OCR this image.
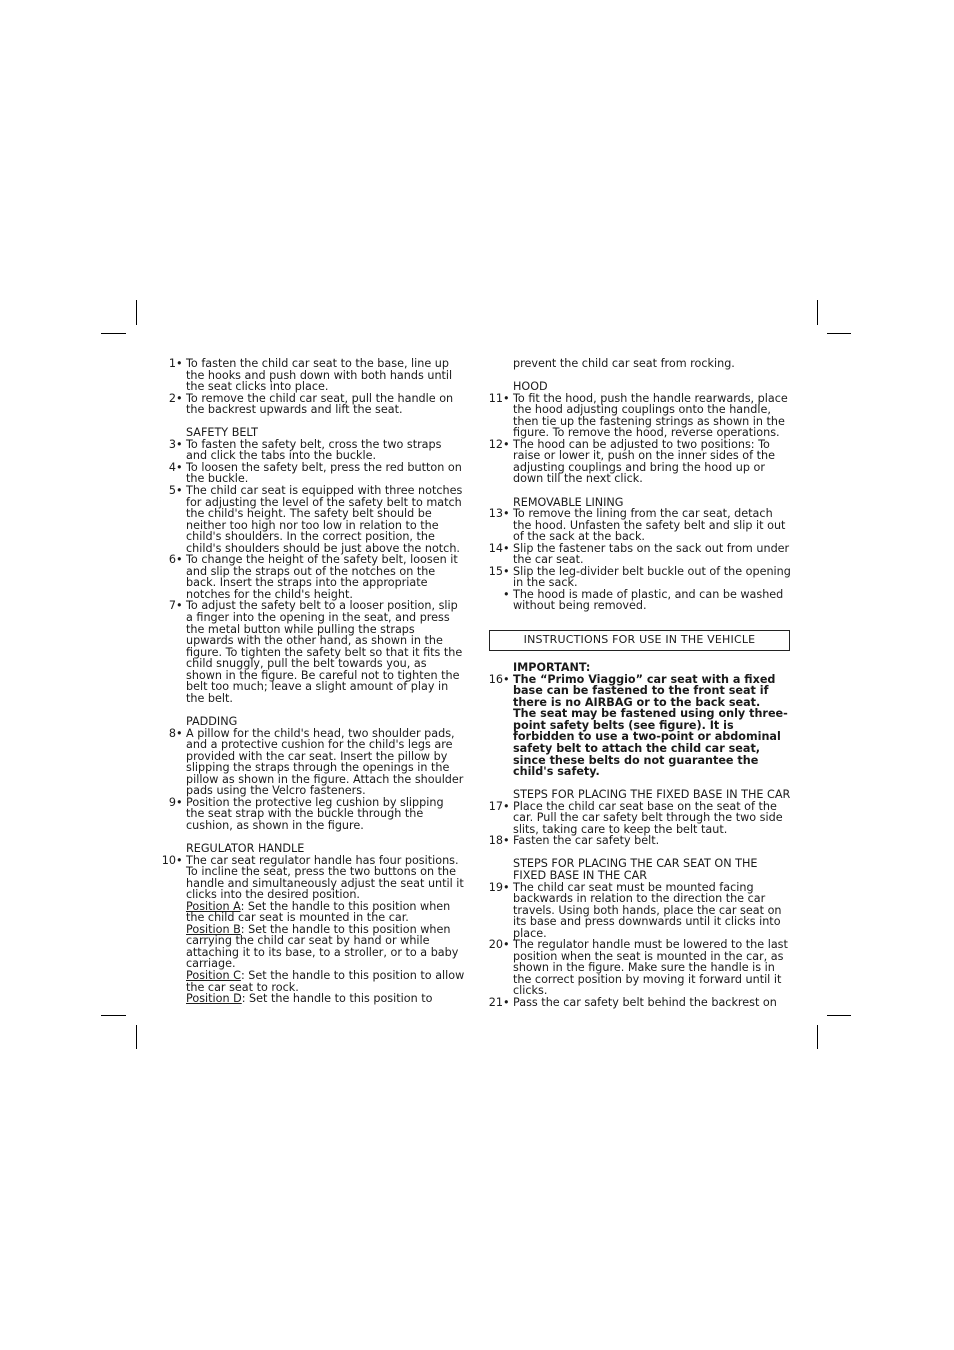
1• To fasten the child car seat to the base, line up the hooks and push down with both hands until the seat clicks into place.
2• To remove the child car seat, pull the handle on the backrest upwards and lift the seat.
SAFETY BELT
3• To fasten the safety belt, cross the two straps and click the tabs into the buckle.
4• To loosen the safety belt, press the red button on the buckle.
5• The child car seat is equipped with three notches for adjusting the level of the safety belt to match the child's height. The safety belt should be neither too high nor too low in relation to the child's shoulders. In the correct position, the child's shoulders should be just above the notch.
6• To change the height of the safety belt, loosen it and slip the straps out of the notches on the back. Insert the straps into the appropriate notches for the child's height.
7• To adjust the safety belt to a looser position, slip a finger into the opening in the seat, and press the metal button while pulling the straps upwards with the other hand, as shown in the figure. To tighten the safety belt so that it fits the child snuggly, pull the belt towards you, as shown in the figure. Be careful not to tighten the belt too much; leave a slight amount of play in the belt.
PADDING
8• A pillow for the child's head, two shoulder pads, and a protective cushion for the child's legs are provided with the car seat. Insert the pillow by slipping the straps through the openings in the pillow as shown in the figure. Attach the shoulder pads using the Velcro fasteners.
9• Position the protective leg cushion by slipping the seat strap with the buckle through the cushion, as shown in the figure.
REGULATOR HANDLE
10• The car seat regulator handle has four positions. To incline the seat, press the two buttons on the handle and simultaneously adjust the seat until it clicks into the desired position.
Position A: Set the handle to this position when the child car seat is mounted in the car.
Position B: Set the handle to this position when carrying the child car seat by hand or while attaching it to its base, to a stroller, or to a baby carriage.
Position C: Set the handle to this position to allow the car seat to rock.
Position D: Set the handle to this position to
prevent the child car seat from rocking.
HOOD
11• To fit the hood, push the handle rearwards, place the hood adjusting couplings onto the handle, then tie up the fastening strings as shown in the figure. To remove the hood, reverse operations.
12• The hood can be adjusted to two positions: To raise or lower it, push on the inner sides of the adjusting couplings and bring the hood up or down till the next click.
REMOVABLE LINING
13• To remove the lining from the car seat, detach the hood. Unfasten the safety belt and slip it out of the sack at the back.
14• Slip the fastener tabs on the sack out from under the car seat.
15• Slip the leg-divider belt buckle out of the opening in the sack.
• The hood is made of plastic, and can be washed without being removed.
INSTRUCTIONS FOR USE IN THE VEHICLE
IMPORTANT:
16• The “Primo Viaggio” car seat with a fixed base can be fastened to the front seat if there is no AIRBAG or to the back seat.
The seat may be fastened using only three-point safety belts (see figure). It is forbidden to use a two-point or abdominal safety belt to attach the child car seat, since these belts do not guarantee the child's safety.
STEPS FOR PLACING THE FIXED BASE IN THE CAR
17• Place the child car seat base on the seat of the car. Pull the car safety belt through the two side slits, taking care to keep the belt taut.
18• Fasten the car safety belt.
STEPS FOR PLACING THE CAR SEAT ON THE FIXED BASE IN THE CAR
19• The child car seat must be mounted facing backwards in relation to the direction the car travels. Using both hands, place the car seat on its base and press downwards until it clicks into place.
20• The regulator handle must be lowered to the last position when the seat is mounted in the car, as shown in the figure. Make sure the handle is in the correct position by moving it forward until it clicks.
21• Pass the car safety belt behind the backrest on
